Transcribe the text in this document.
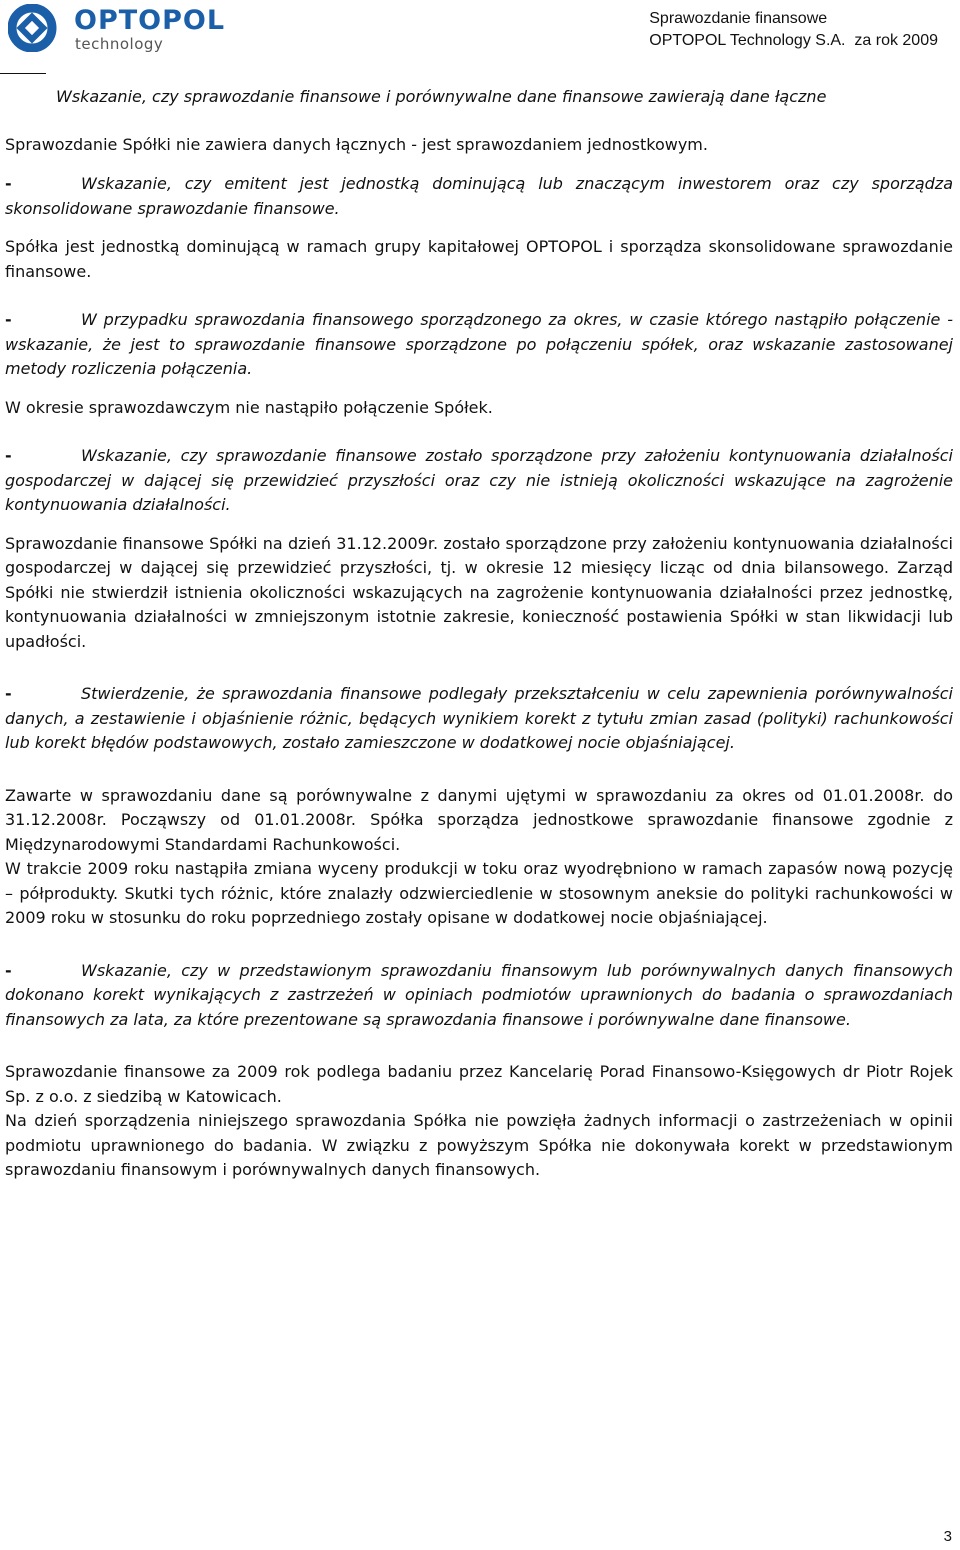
OPTOPOL
technology
Sprawozdanie finansowe
OPTOPOL Technology S.A.  za rok 2009

Wskazanie, czy sprawozdanie finansowe i porównywalne dane finansowe zawierają dane łączne

Sprawozdanie Spółki nie zawiera danych łącznych - jest sprawozdaniem jednostkowym.

-	Wskazanie, czy emitent jest jednostką dominującą lub znaczącym inwestorem oraz czy sporządza skonsolidowane sprawozdanie finansowe.

Spółka jest jednostką dominującą w ramach grupy kapitałowej OPTOPOL i sporządza skonsolidowane sprawozdanie finansowe.

-	W przypadku sprawozdania finansowego sporządzonego za okres, w czasie którego nastąpiło połączenie - wskazanie, że jest to sprawozdanie finansowe sporządzone po połączeniu spółek, oraz wskazanie zastosowanej metody rozliczenia połączenia.

W okresie sprawozdawczym nie nastąpiło połączenie Spółek.

-	Wskazanie, czy sprawozdanie finansowe zostało sporządzone przy założeniu kontynuowania działalności gospodarczej w dającej się przewidzieć przyszłości oraz czy nie istnieją okoliczności wskazujące na zagrożenie kontynuowania działalności.

Sprawozdanie finansowe Spółki na dzień 31.12.2009r. zostało sporządzone przy założeniu kontynuowania działalności gospodarczej w dającej się przewidzieć przyszłości, tj. w okresie 12 miesięcy licząc od dnia bilansowego. Zarząd Spółki nie stwierdził istnienia okoliczności wskazujących na zagrożenie kontynuowania działalności przez jednostkę, kontynuowania działalności w zmniejszonym istotnie zakresie, konieczność postawienia Spółki w stan likwidacji lub upadłości.

-	Stwierdzenie, że sprawozdania finansowe podlegały przekształceniu w celu zapewnienia porównywalności danych, a zestawienie i objaśnienie różnic, będących wynikiem korekt z tytułu zmian zasad (polityki) rachunkowości lub korekt błędów podstawowych, zostało zamieszczone w dodatkowej nocie objaśniającej.

Zawarte w sprawozdaniu dane są porównywalne z danymi ujętymi w sprawozdaniu za okres od 01.01.2008r. do 31.12.2008r. Począwszy od 01.01.2008r. Spółka sporządza jednostkowe sprawozdanie finansowe zgodnie z Międzynarodowymi Standardami Rachunkowości.

W trakcie 2009 roku nastąpiła zmiana wyceny produkcji w toku oraz wyodrębniono w ramach zapasów nową pozycję – półprodukty. Skutki tych różnic, które znalazły odzwierciedlenie w stosownym aneksie do polityki rachunkowości w 2009 roku w stosunku do roku poprzedniego zostały opisane w dodatkowej nocie objaśniającej.

-	Wskazanie, czy w przedstawionym sprawozdaniu finansowym lub porównywalnych danych finansowych dokonano korekt wynikających z zastrzeżeń w opiniach podmiotów uprawnionych do badania o sprawozdaniach finansowych za lata, za które prezentowane są sprawozdania finansowe i porównywalne dane finansowe.

Sprawozdanie finansowe za 2009 rok podlega badaniu przez Kancelarię Porad Finansowo-Księgowych dr Piotr Rojek Sp. z o.o. z siedzibą w Katowicach.

Na dzień sporządzenia niniejszego sprawozdania Spółka nie powzięła żadnych informacji o zastrzeżeniach w opinii podmiotu uprawnionego do badania. W związku z powyższym Spółka nie dokonywała korekt w przedstawionym sprawozdaniu finansowym i porównywalnych danych finansowych.

3
